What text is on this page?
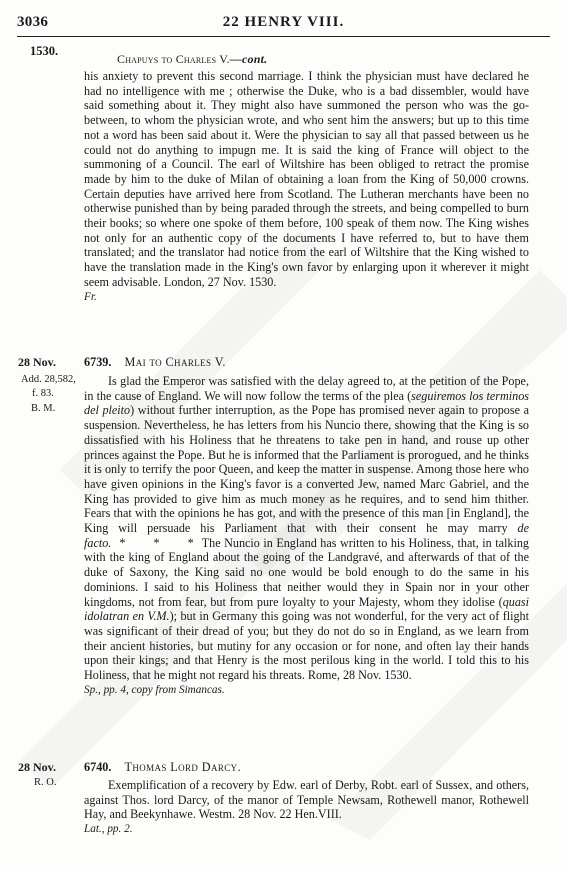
3036	22 HENRY VIII.
1530.
Chapuys to Charles V.—cont.

his anxiety to prevent this second marriage. I think the physician must have declared he had no intelligence with me ; otherwise the Duke, who is a bad dissembler, would have said something about it. They might also have summoned the person who was the go-between, to whom the physician wrote, and who sent him the answers; but up to this time not a word has been said about it. Were the physician to say all that passed between us he could not do anything to impugn me. It is said the king of France will object to the summoning of a Council. The earl of Wiltshire has been obliged to retract the promise made by him to the duke of Milan of obtaining a loan from the King of 50,000 crowns. Certain deputies have arrived here from Scotland. The Lutheran merchants have been no otherwise punished than by being paraded through the streets, and being compelled to burn their books; so where one spoke of them before, 100 speak of them now. The King wishes not only for an authentic copy of the documents I have referred to, but to have them translated; and the translator had notice from the earl of Wiltshire that the King wished to have the translation made in the King's own favor by enlarging upon it wherever it might seem advisable. London, 27 Nov. 1530.

Fr.

28 Nov.
Add. 28,582,
f. 83.
B. M.
6739. Mai to Charles V.

Is glad the Emperor was satisfied with the delay agreed to, at the petition of the Pope, in the cause of England. We will now follow the terms of the plea (seguiremos los terminos del pleito) without further interruption, as the Pope has promised never again to propose a suspension. Nevertheless, he has letters from his Nuncio there, showing that the King is so dissatisfied with his Holiness that he threatens to take pen in hand, and rouse up other princes against the Pope. But he is informed that the Parliament is prorogued, and he thinks it is only to terrify the poor Queen, and keep the matter in suspense. Among those here who have given opinions in the King's favor is a converted Jew, named Marc Gabriel, and the King has provided to give him as much money as he requires, and to send him thither. Fears that with the opinions he has got, and with the presence of this man [in England], the King will persuade his Parliament that with their consent he may marry de facto. *        *        * The Nuncio in England has written to his Holiness, that, in talking with the king of England about the going of the Landgravé, and afterwards of that of the duke of Saxony, the King said no one would be bold enough to do the same in his dominions. I said to his Holiness that neither would they in Spain nor in your other kingdoms, not from fear, but from pure loyalty to your Majesty, whom they idolise (quasi idolatran en V.M.); but in Germany this going was not wonderful, for the very act of flight was significant of their dread of you; but they do not do so in England, as we learn from their ancient histories, but mutiny for any occasion or for none, and often lay their hands upon their kings; and that Henry is the most perilous king in the world. I told this to his Holiness, that he might not regard his threats. Rome, 28 Nov. 1530.

Sp., pp. 4, copy from Simancas.

28 Nov.
R. O.
6740. Thomas Lord Darcy.

Exemplification of a recovery by Edw. earl of Derby, Robt. earl of Sussex, and others, against Thos. lord Darcy, of the manor of Temple Newsam, Rothewell manor, Rothewell Hay, and Beekynhawe. Westm. 28 Nov. 22 Hen.VIII.

Lat., pp. 2.
